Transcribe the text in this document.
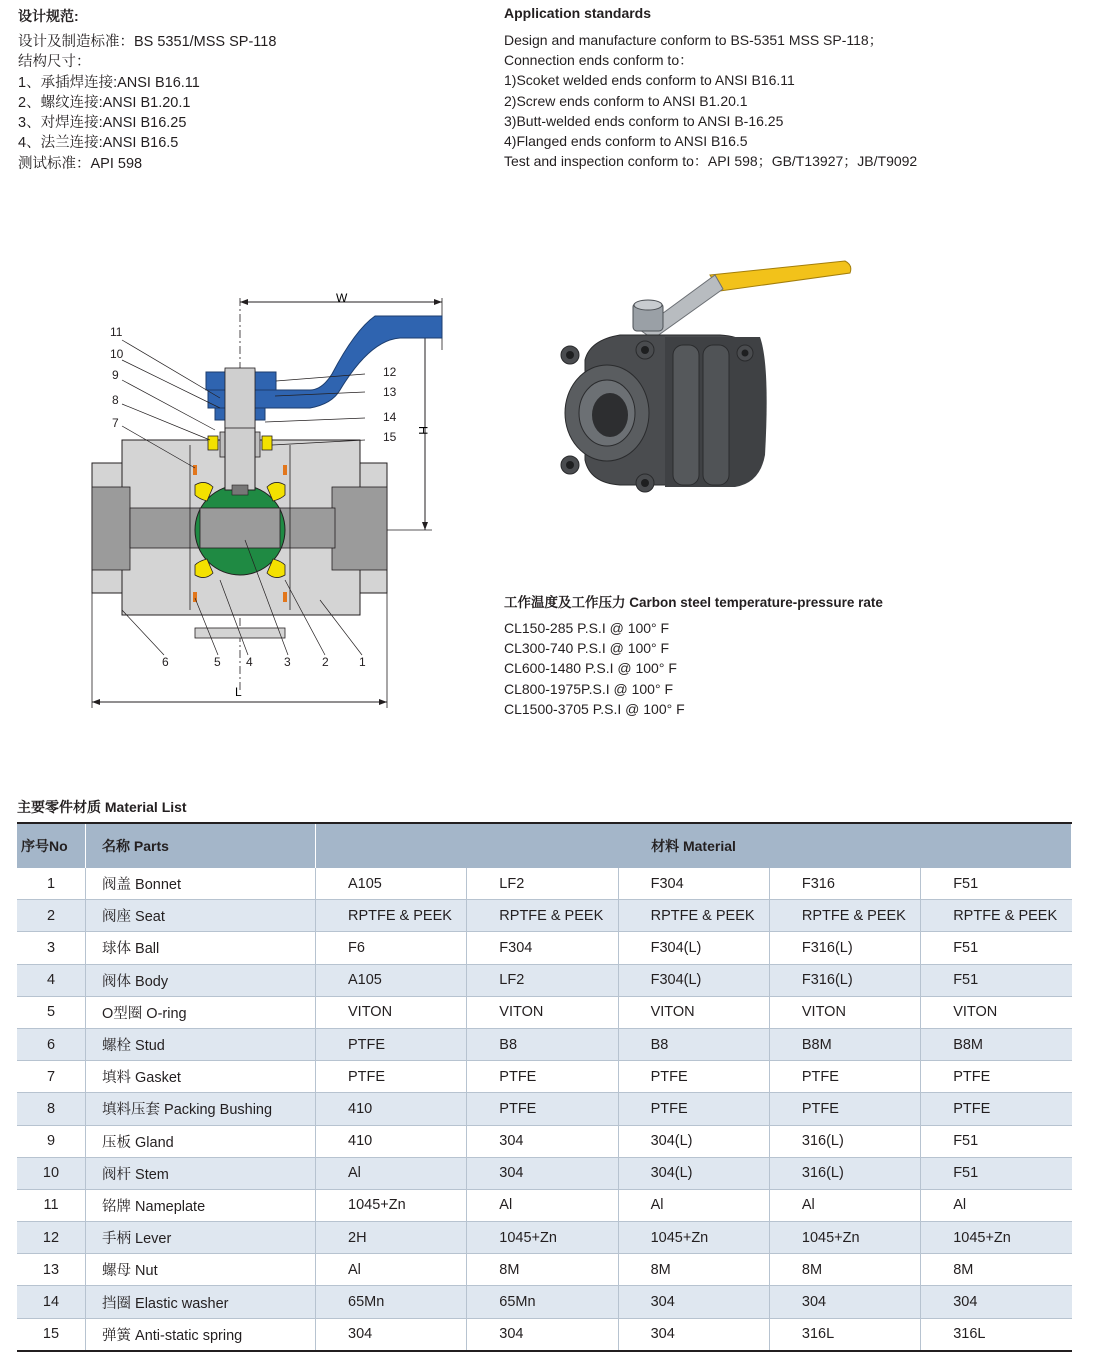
设计规范:
设计及制造标准：BS 5351/MSS SP-118
结构尺寸：
1、承插焊连接:ANSI B16.11
2、螺纹连接:ANSI B1.20.1
3、对焊连接:ANSI B16.25
4、法兰连接:ANSI B16.5
测试标准：API 598
Application standards
Design and manufacture conform to BS-5351 MSS SP-118；
Connection ends conform to：
1)Scoket welded ends conform to ANSI B16.11
2)Screw ends conform to ANSI B1.20.1
3)Butt-welded ends conform to ANSI B-16.25
4)Flanged ends conform to ANSI B16.5
Test and inspection conform to：API 598；GB/T13927；JB/T9092
W
H
L
11
10
9
8
7
12
13
14
15
6	5 4	3	2	1
工作温度及工作压力 Carbon steel temperature-pressure rate
CL150-285 P.S.I @ 100° F
CL300-740 P.S.I @ 100° F
CL600-1480 P.S.I @ 100° F
CL800-1975P.S.I @ 100° F
CL1500-3705 P.S.I @ 100° F
主要零件材质 Material List
序号No	名称 Parts	材料 Material				
1	阀盖 Bonnet	A105	LF2	F304	F316	F51
2	阀座 Seat	RPTFE & PEEK	RPTFE & PEEK	RPTFE & PEEK	RPTFE & PEEK	RPTFE & PEEK
3	球体 Ball	F6	F304	F304(L)	F316(L)	F51
4	阀体 Body	A105	LF2	F304(L)	F316(L)	F51
5	O型圈 O-ring	VITON	VITON	VITON	VITON	VITON
6	螺栓 Stud	PTFE	B8	B8	B8M	B8M
7	填料 Gasket	PTFE	PTFE	PTFE	PTFE	PTFE
8	填料压套 Packing Bushing	410	PTFE	PTFE	PTFE	PTFE
9	压板 Gland	410	304	304(L)	316(L)	F51
10	阀杆 Stem	Al	304	304(L)	316(L)	F51
11	铭牌 Nameplate	1045+Zn	Al	Al	Al	Al
12	手柄 Lever	2H	1045+Zn	1045+Zn	1045+Zn	1045+Zn
13	螺母 Nut	Al	8M	8M	8M	8M
14	挡圈 Elastic washer	65Mn	65Mn	304	304	304
15	弹簧 Anti-static spring	304	304	304	316L	316L
